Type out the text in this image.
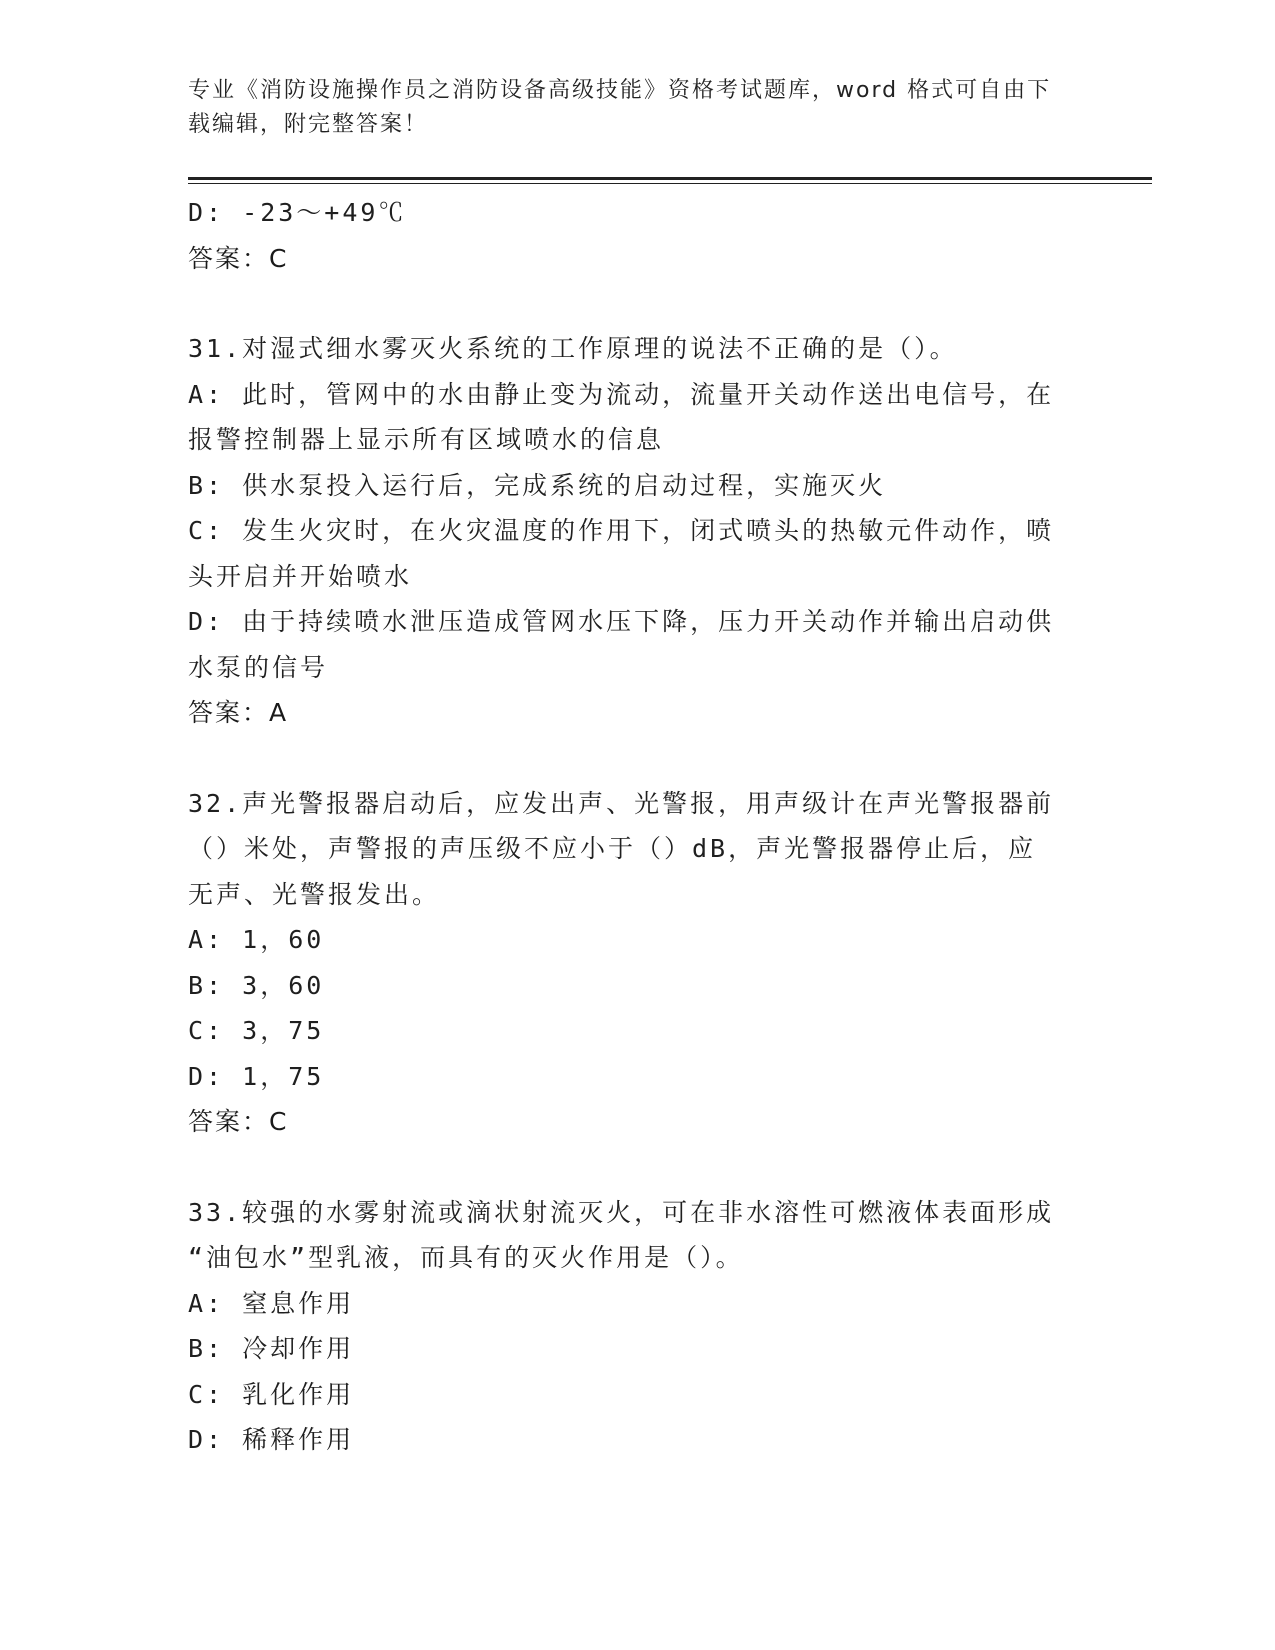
专业《消防设施操作员之消防设备高级技能》资格考试题库，word 格式可自由下
载编辑，附完整答案！
D: -23～+49℃
答案：C
31.对湿式细水雾灭火系统的工作原理的说法不正确的是（）。
A: 此时，管网中的水由静止变为流动，流量开关动作送出电信号，在
报警控制器上显示所有区域喷水的信息
B: 供水泵投入运行后，完成系统的启动过程，实施灭火
C: 发生火灾时，在火灾温度的作用下，闭式喷头的热敏元件动作，喷
头开启并开始喷水
D: 由于持续喷水泄压造成管网水压下降，压力开关动作并输出启动供
水泵的信号
答案：A
32.声光警报器启动后，应发出声、光警报，用声级计在声光警报器前
（）米处，声警报的声压级不应小于（）dB，声光警报器停止后，应
无声、光警报发出。
A: 1，60
B: 3，60
C: 3，75
D: 1，75
答案：C
33.较强的水雾射流或滴状射流灭火，可在非水溶性可燃液体表面形成
“油包水”型乳液，而具有的灭火作用是（）。
A: 窒息作用
B: 冷却作用
C: 乳化作用
D: 稀释作用
